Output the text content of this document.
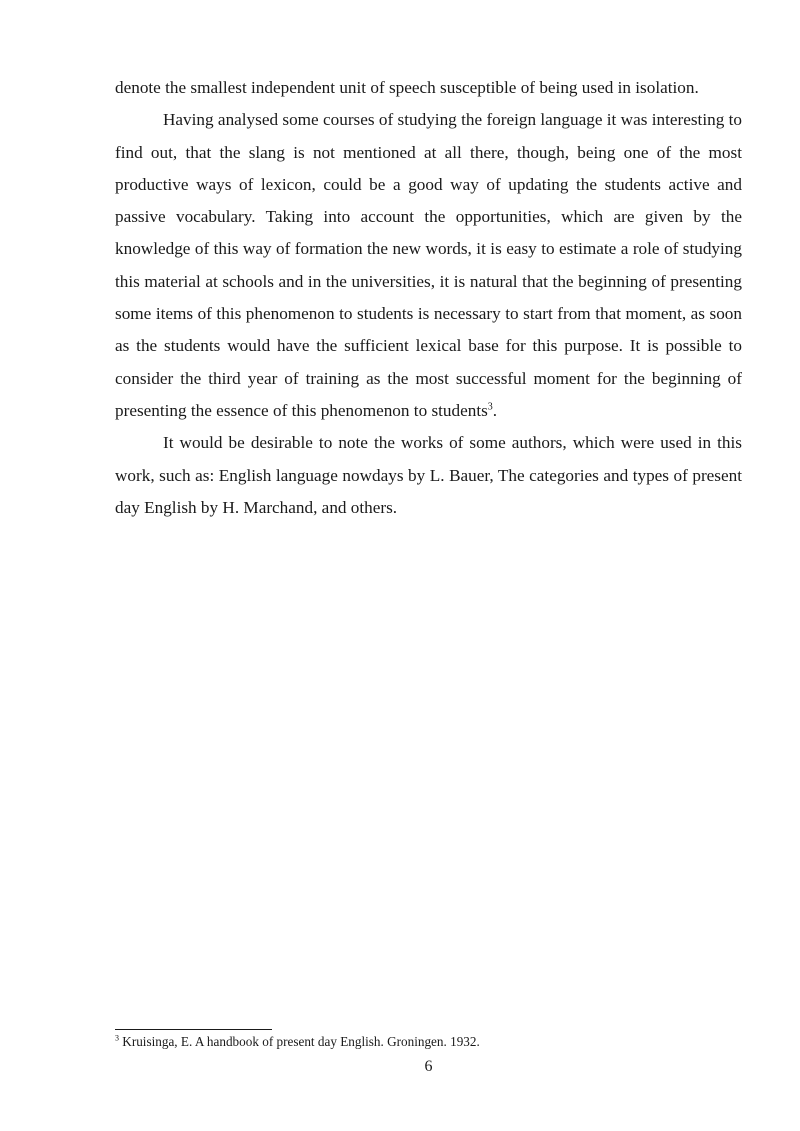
denote the smallest independent unit of speech susceptible of being used in isolation.

Having analysed some courses of studying the foreign language it was interesting to find out, that the slang is not mentioned at all there, though, being one of the most productive ways of lexicon, could be a good way of updating the students active and passive vocabulary. Taking into account the opportunities, which are given by the knowledge of this way of formation the new words, it is easy to estimate a role of studying this material at schools and in the universities, it is natural that the beginning of presenting some items of this phenomenon to students is necessary to start from that moment, as soon as the students would have the sufficient lexical base for this purpose. It is possible to consider the third year of training as the most successful moment for the beginning of presenting the essence of this phenomenon to students$^3$.

It would be desirable to note the works of some authors, which were used in this work, such as: English language nowdays by L. Bauer, The categories and types of present day English by H. Marchand, and others.

$^3$ Kruisinga, E. A handbook of present day English. Groningen. 1932.
6
